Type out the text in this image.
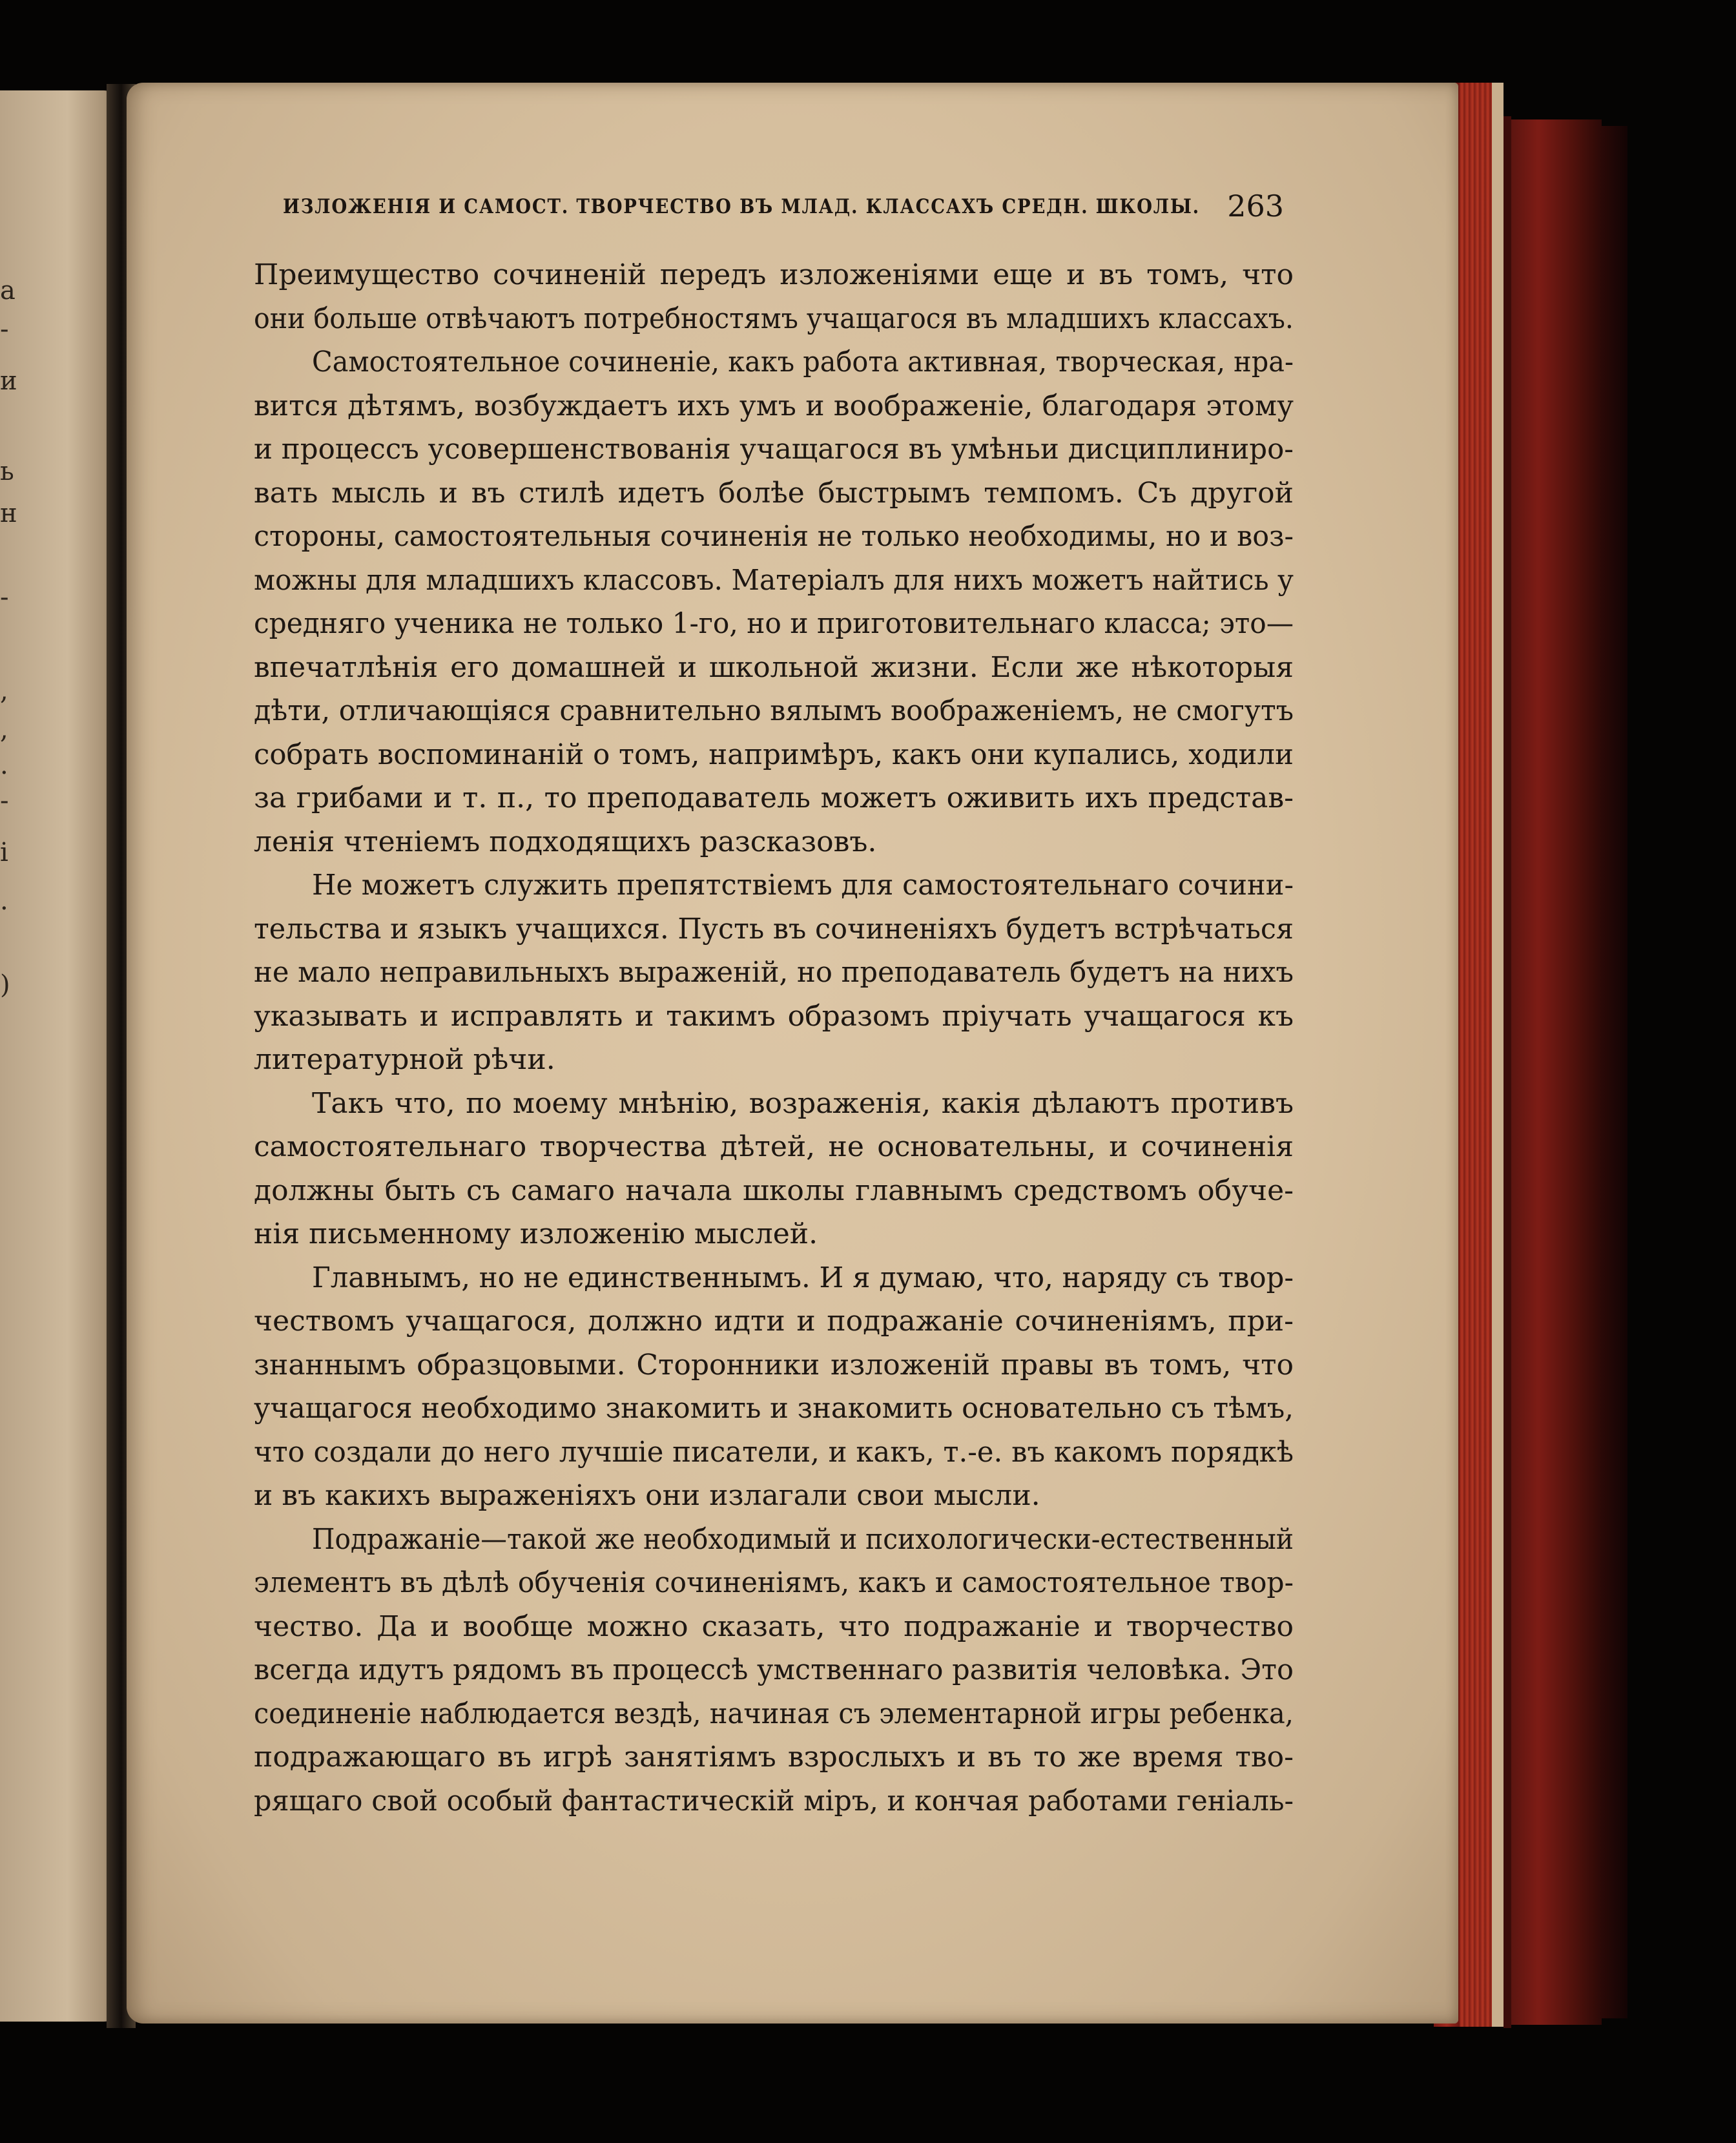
а
-
и
ь
н
-
,
,
.
-
і
.
)
ИЗЛОЖЕНІЯ И САМОСТ. ТВОРЧЕСТВО ВЪ МЛАД. КЛАССАХЪ СРЕДН. ШКОЛЫ. 263
Преимущество сочиненій передъ изложеніями еще и въ томъ, что
они больше отвѣчаютъ потребностямъ учащагося въ младшихъ классахъ.
Самостоятельное сочиненіе, какъ работа активная, творческая, нра-
вится дѣтямъ, возбуждаетъ ихъ умъ и воображеніе, благодаря этому
и процессъ усовершенствованія учащагося въ умѣньи дисциплиниро-
вать мысль и въ стилѣ идетъ болѣе быстрымъ темпомъ. Съ другой
стороны, самостоятельныя сочиненія не только необходимы, но и воз-
можны для младшихъ классовъ. Матеріалъ для нихъ можетъ найтись у
средняго ученика не только 1-го, но и приготовительнаго класса; это—
впечатлѣнія его домашней и школьной жизни. Если же нѣкоторыя
дѣти, отличающіяся сравнительно вялымъ воображеніемъ, не смогутъ
собрать воспоминаній о томъ, напримѣръ, какъ они купались, ходили
за грибами и т. п., то преподаватель можетъ оживить ихъ представ-
ленія чтеніемъ подходящихъ разсказовъ.
Не можетъ служить препятствіемъ для самостоятельнаго сочини-
тельства и языкъ учащихся. Пусть въ сочиненіяхъ будетъ встрѣчаться
не мало неправильныхъ выраженій, но преподаватель будетъ на нихъ
указывать и исправлять и такимъ образомъ пріучать учащагося къ
литературной рѣчи.
Такъ что, по моему мнѣнію, возраженія, какія дѣлаютъ противъ
самостоятельнаго творчества дѣтей, не основательны, и сочиненія
должны быть съ самаго начала школы главнымъ средствомъ обуче-
нія письменному изложенію мыслей.
Главнымъ, но не единственнымъ. И я думаю, что, наряду съ твор-
чествомъ учащагося, должно идти и подражаніе сочиненіямъ, при-
знаннымъ образцовыми. Сторонники изложеній правы въ томъ, что
учащагося необходимо знакомить и знакомить основательно съ тѣмъ,
что создали до него лучшіе писатели, и какъ, т.-е. въ какомъ порядкѣ
и въ какихъ выраженіяхъ они излагали свои мысли.
Подражаніе—такой же необходимый и психологически-естественный
элементъ въ дѣлѣ обученія сочиненіямъ, какъ и самостоятельное твор-
чество. Да и вообще можно сказать, что подражаніе и творчество
всегда идутъ рядомъ въ процессѣ умственнаго развитія человѣка. Это
соединеніе наблюдается вездѣ, начиная съ элементарной игры ребенка,
подражающаго въ игрѣ занятіямъ взрослыхъ и въ то же время тво-
рящаго свой особый фантастическій міръ, и кончая работами геніаль-
